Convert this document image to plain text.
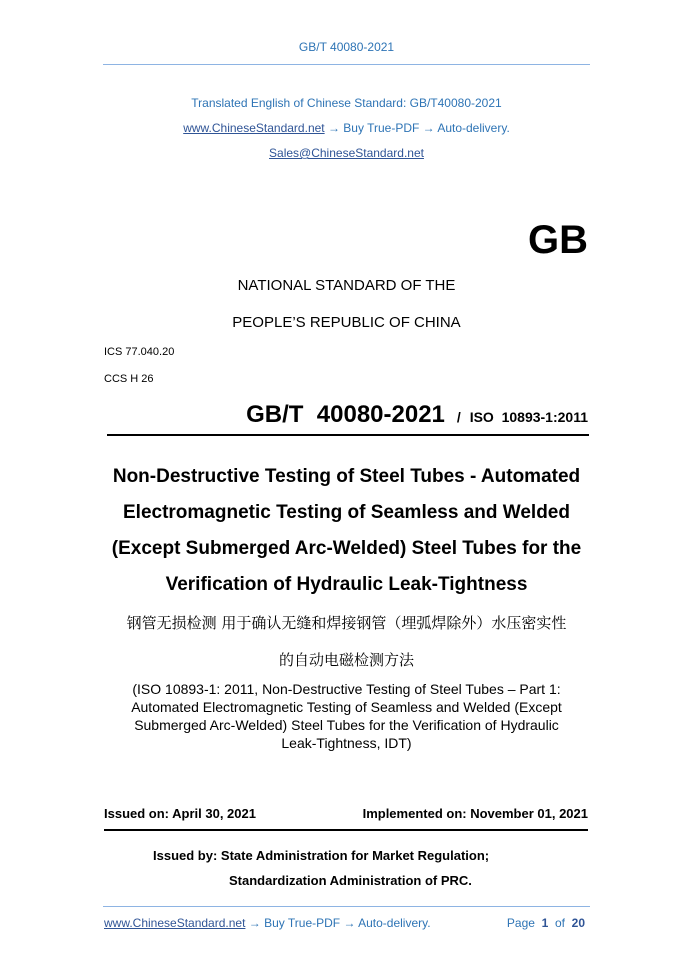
GB/T 40080-2021
Translated English of Chinese Standard: GB/T40080-2021
www.ChineseStandard.net → Buy True-PDF → Auto-delivery.
Sales@ChineseStandard.net
GB
NATIONAL STANDARD OF THE
PEOPLE’S REPUBLIC OF CHINA
ICS 77.040.20
CCS H 26
GB/T  40080-2021 / ISO  10893-1:2011
Non-Destructive Testing of Steel Tubes - Automated
Electromagnetic Testing of Seamless and Welded
(Except Submerged Arc-Welded) Steel Tubes for the
Verification of Hydraulic Leak-Tightness
钢管无损检测 用于确认无缝和焊接钢管（埋弧焊除外）水压密实性
的自动电磁检测方法
(ISO 10893-1: 2011, Non-Destructive Testing of Steel Tubes – Part 1:
Automated Electromagnetic Testing of Seamless and Welded (Except
Submerged Arc-Welded) Steel Tubes for the Verification of Hydraulic
Leak-Tightness, IDT)
Issued on: April 30, 2021	Implemented on: November 01, 2021
Issued by: State Administration for Market Regulation;
Standardization Administration of PRC.
www.ChineseStandard.net → Buy True-PDF → Auto-delivery.	Page 1 of 20
